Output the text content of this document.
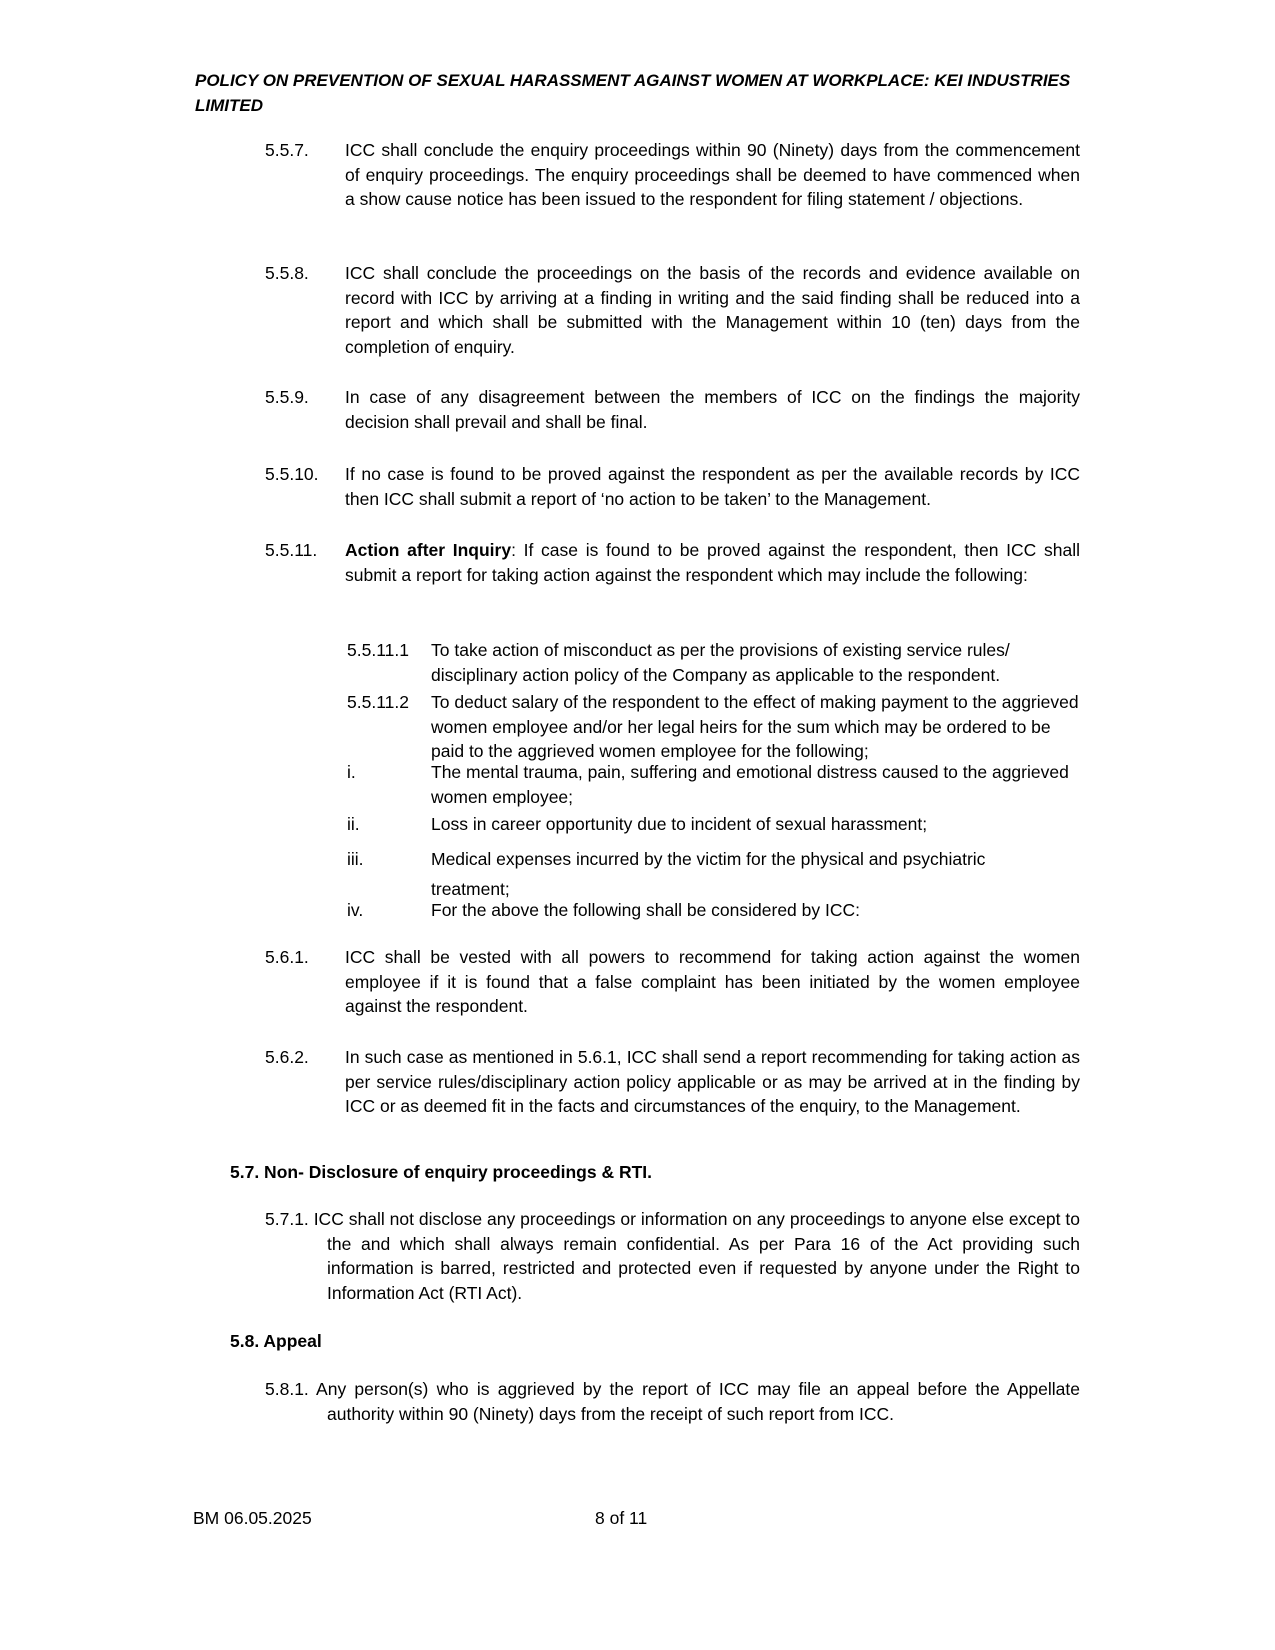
POLICY ON PREVENTION OF SEXUAL HARASSMENT AGAINST WOMEN AT WORKPLACE: KEI INDUSTRIES LIMITED
5.5.7. ICC shall conclude the enquiry proceedings within 90 (Ninety) days from the commencement of enquiry proceedings. The enquiry proceedings shall be deemed to have commenced when a show cause notice has been issued to the respondent for filing statement / objections.
5.5.8. ICC shall conclude the proceedings on the basis of the records and evidence available on record with ICC by arriving at a finding in writing and the said finding shall be reduced into a report and which shall be submitted with the Management within 10 (ten) days from the completion of enquiry.
5.5.9. In case of any disagreement between the members of ICC on the findings the majority decision shall prevail and shall be final.
5.5.10. If no case is found to be proved against the respondent as per the available records by ICC then ICC shall submit a report of ‘no action to be taken’ to the Management.
5.5.11. Action after Inquiry: If case is found to be proved against the respondent, then ICC shall submit a report for taking action against the respondent which may include the following:
5.5.11.1 To take action of misconduct as per the provisions of existing service rules/ disciplinary action policy of the Company as applicable to the respondent.
5.5.11.2 To deduct salary of the respondent to the effect of making payment to the aggrieved women employee and/or her legal heirs for the sum which may be ordered to be paid to the aggrieved women employee for the following;
i.	The mental trauma, pain, suffering and emotional distress caused to the aggrieved women employee;
ii.	Loss in career opportunity due to incident of sexual harassment;
iii.	Medical expenses incurred by the victim for the physical and psychiatric treatment;
iv.	For the above the following shall be considered by ICC:
5.6.1. ICC shall be vested with all powers to recommend for taking action against the women employee if it is found that a false complaint has been initiated by the women employee against the respondent.
5.6.2. In such case as mentioned in 5.6.1, ICC shall send a report recommending for taking action as per service rules/disciplinary action policy applicable or as may be arrived at in the finding by ICC or as deemed fit in the facts and circumstances of the enquiry, to the Management.
5.7. Non- Disclosure of enquiry proceedings & RTI.
5.7.1. ICC shall not disclose any proceedings or information on any proceedings to anyone else except to the and which shall always remain confidential. As per Para 16 of the Act providing such information is barred, restricted and protected even if requested by anyone under the Right to Information Act (RTI Act).
5.8. Appeal
5.8.1. Any person(s) who is aggrieved by the report of ICC may file an appeal before the Appellate authority within 90 (Ninety) days from the receipt of such report from ICC.
BM 06.05.2025	8 of 11
